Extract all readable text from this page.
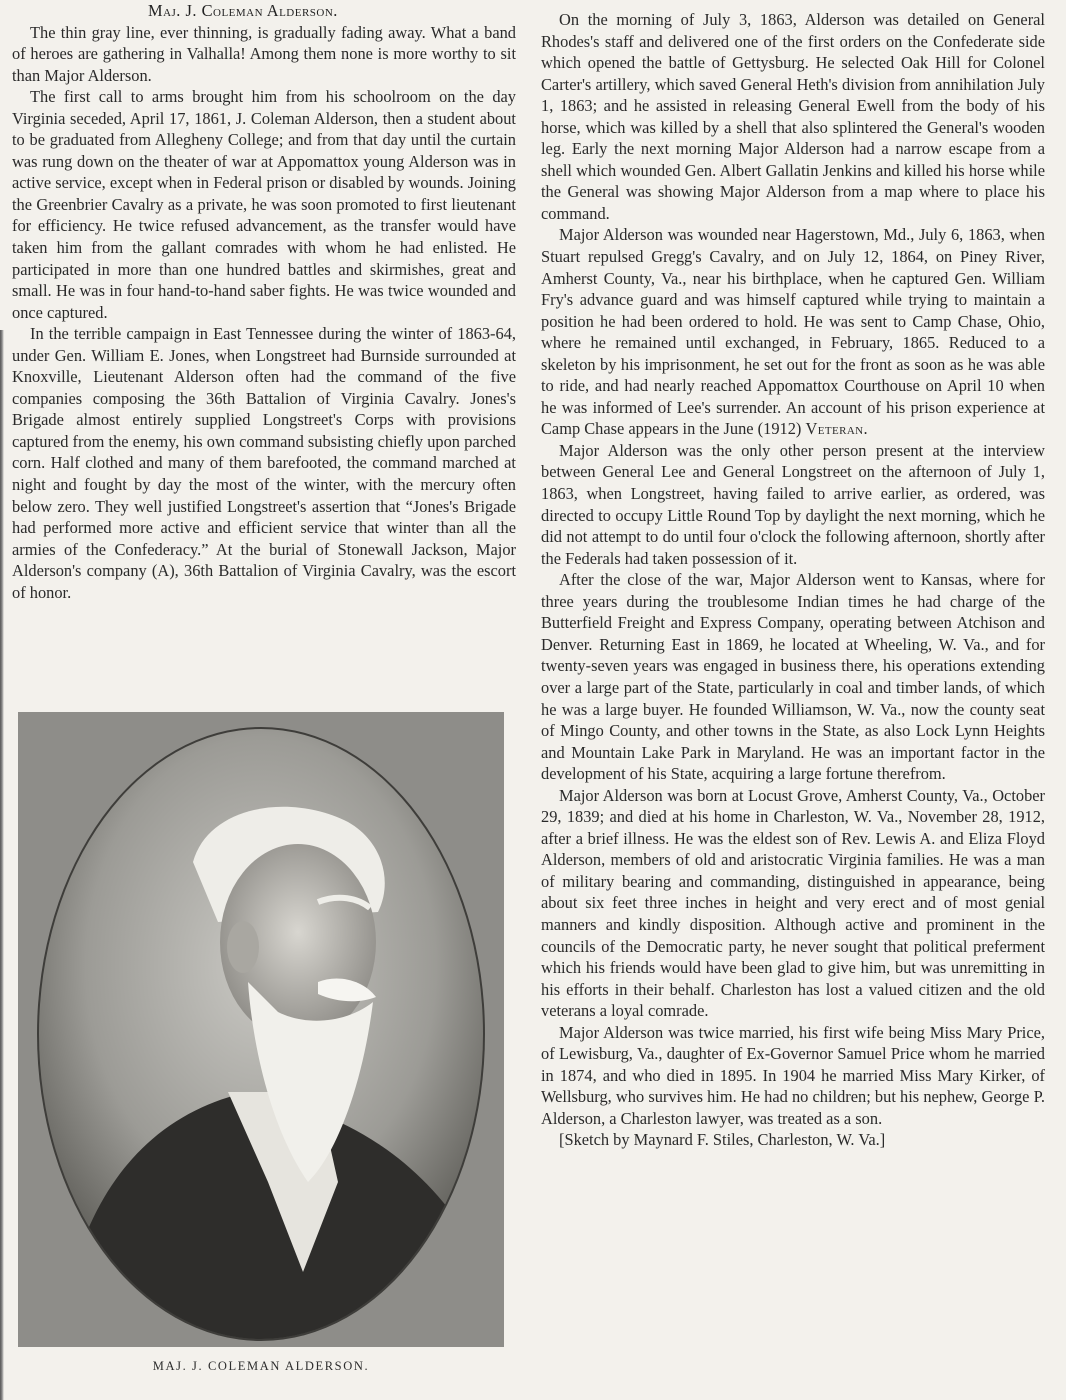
Maj. J. Coleman Alderson.

The thin gray line, ever thinning, is gradually fading away. What a band of heroes are gathering in Valhalla! Among them none is more worthy to sit than Major Alderson.

The first call to arms brought him from his schoolroom on the day Virginia seceded, April 17, 1861, J. Coleman Alderson, then a student about to be graduated from Allegheny College; and from that day until the curtain was rung down on the theater of war at Appomattox young Alderson was in active service, except when in Federal prison or disabled by wounds. Joining the Greenbrier Cavalry as a private, he was soon promoted to first lieutenant for efficiency. He twice refused advancement, as the transfer would have taken him from the gallant comrades with whom he had enlisted. He participated in more than one hundred battles and skirmishes, great and small. He was in four hand-to-hand saber fights. He was twice wounded and once captured.

In the terrible campaign in East Tennessee during the winter of 1863-64, under Gen. William E. Jones, when Longstreet had Burnside surrounded at Knoxville, Lieutenant Alderson often had the command of the five companies composing the 36th Battalion of Virginia Cavalry. Jones's Brigade almost entirely supplied Longstreet's Corps with provisions captured from the enemy, his own command subsisting chiefly upon parched corn. Half clothed and many of them barefooted, the command marched at night and fought by day the most of the winter, with the mercury often below zero. They well justified Longstreet's assertion that “Jones's Brigade had performed more active and efficient service that winter than all the armies of the Confederacy.” At the burial of Stonewall Jackson, Major Alderson's company (A), 36th Battalion of Virginia Cavalry, was the escort of honor.

MAJ. J. COLEMAN ALDERSON.

On the morning of July 3, 1863, Alderson was detailed on General Rhodes's staff and delivered one of the first orders on the Confederate side which opened the battle of Gettysburg. He selected Oak Hill for Colonel Carter's artillery, which saved General Heth's division from annihilation July 1, 1863; and he assisted in releasing General Ewell from the body of his horse, which was killed by a shell that also splintered the General's wooden leg. Early the next morning Major Alderson had a narrow escape from a shell which wounded Gen. Albert Gallatin Jenkins and killed his horse while the General was showing Major Alderson from a map where to place his command.

Major Alderson was wounded near Hagerstown, Md., July 6, 1863, when Stuart repulsed Gregg's Cavalry, and on July 12, 1864, on Piney River, Amherst County, Va., near his birthplace, when he captured Gen. William Fry's advance guard and was himself captured while trying to maintain a position he had been ordered to hold. He was sent to Camp Chase, Ohio, where he remained until exchanged, in February, 1865. Reduced to a skeleton by his imprisonment, he set out for the front as soon as he was able to ride, and had nearly reached Appomattox Courthouse on April 10 when he was informed of Lee's surrender. An account of his prison experience at Camp Chase appears in the June (1912) Veteran.

Major Alderson was the only other person present at the interview between General Lee and General Longstreet on the afternoon of July 1, 1863, when Longstreet, having failed to arrive earlier, as ordered, was directed to occupy Little Round Top by daylight the next morning, which he did not attempt to do until four o'clock the following afternoon, shortly after the Federals had taken possession of it.

After the close of the war, Major Alderson went to Kansas, where for three years during the troublesome Indian times he had charge of the Butterfield Freight and Express Company, operating between Atchison and Denver. Returning East in 1869, he located at Wheeling, W. Va., and for twenty-seven years was engaged in business there, his operations extending over a large part of the State, particularly in coal and timber lands, of which he was a large buyer. He founded Williamson, W. Va., now the county seat of Mingo County, and other towns in the State, as also Lock Lynn Heights and Mountain Lake Park in Maryland. He was an important factor in the development of his State, acquiring a large fortune therefrom.

Major Alderson was born at Locust Grove, Amherst County, Va., October 29, 1839; and died at his home in Charleston, W. Va., November 28, 1912, after a brief illness. He was the eldest son of Rev. Lewis A. and Eliza Floyd Alderson, members of old and aristocratic Virginia families. He was a man of military bearing and commanding, distinguished in appearance, being about six feet three inches in height and very erect and of most genial manners and kindly disposition. Although active and prominent in the councils of the Democratic party, he never sought that political preferment which his friends would have been glad to give him, but was unremitting in his efforts in their behalf. Charleston has lost a valued citizen and the old veterans a loyal comrade.

Major Alderson was twice married, his first wife being Miss Mary Price, of Lewisburg, Va., daughter of Ex-Governor Samuel Price whom he married in 1874, and who died in 1895. In 1904 he married Miss Mary Kirker, of Wellsburg, who survives him. He had no children; but his nephew, George P. Alderson, a Charleston lawyer, was treated as a son.

[Sketch by Maynard F. Stiles, Charleston, W. Va.]
